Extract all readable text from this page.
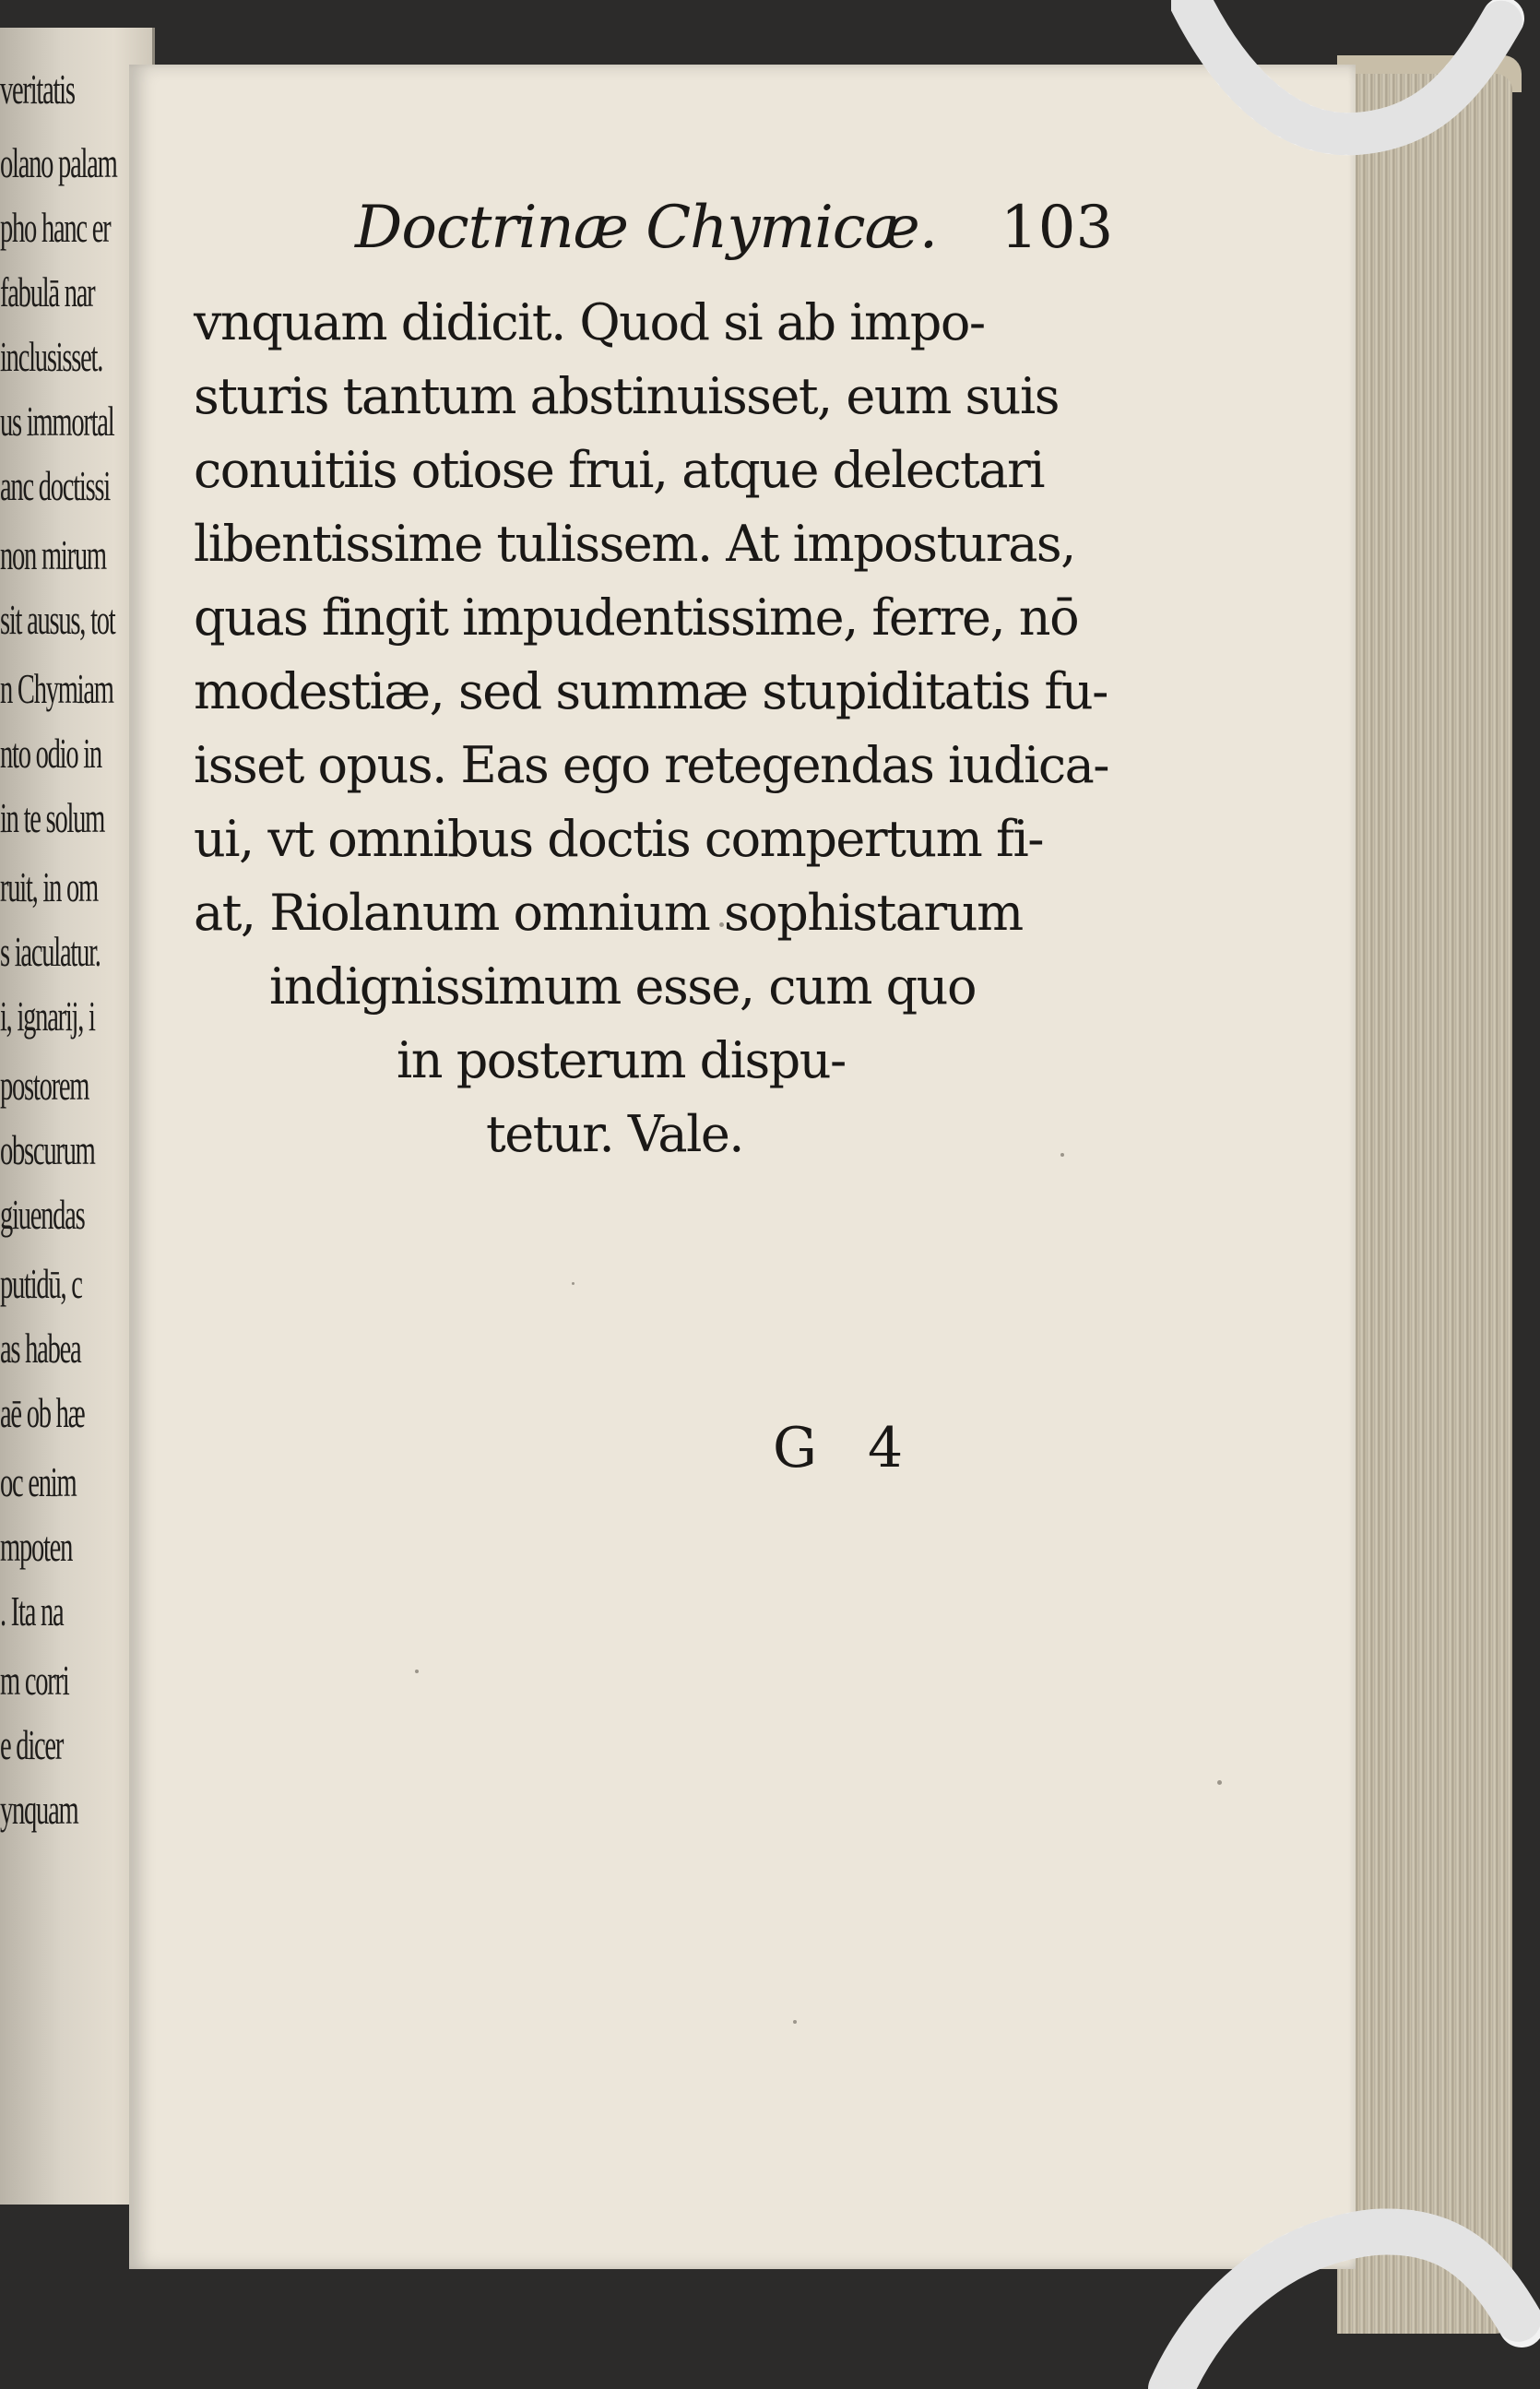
veritatis
olano palam
pho hanc er
fabulā nar
inclusisset.
us immortal
anc doctissi
non mirum
sit ausus, tot
n Chymiam
nto odio in
in te solum
ruit, in om
s iaculatur.
i, ignarij, i
postorem
obscurum
giuendas
putidū, c
as habea
aē ob hæ
oc enim
mpoten
. Ita na
m corri
e dicer
ynquam
Doctrinæ Chymicæ. 103
vnquam didicit. Quod si ab impo-
sturis tantum abstinuisset, eum suis
conuitiis otiose frui, atque delectari
libentissime tulissem. At imposturas,
quas fingit impudentissime, ferre, nō
modestiæ, sed summæ stupiditatis fu-
isset opus. Eas ego retegendas iudica-
ui, vt omnibus doctis compertum fi-
at, Riolanum omnium sophistarum
indignissimum esse, cum quo
in posterum dispu-
tetur. Vale.
G 4
